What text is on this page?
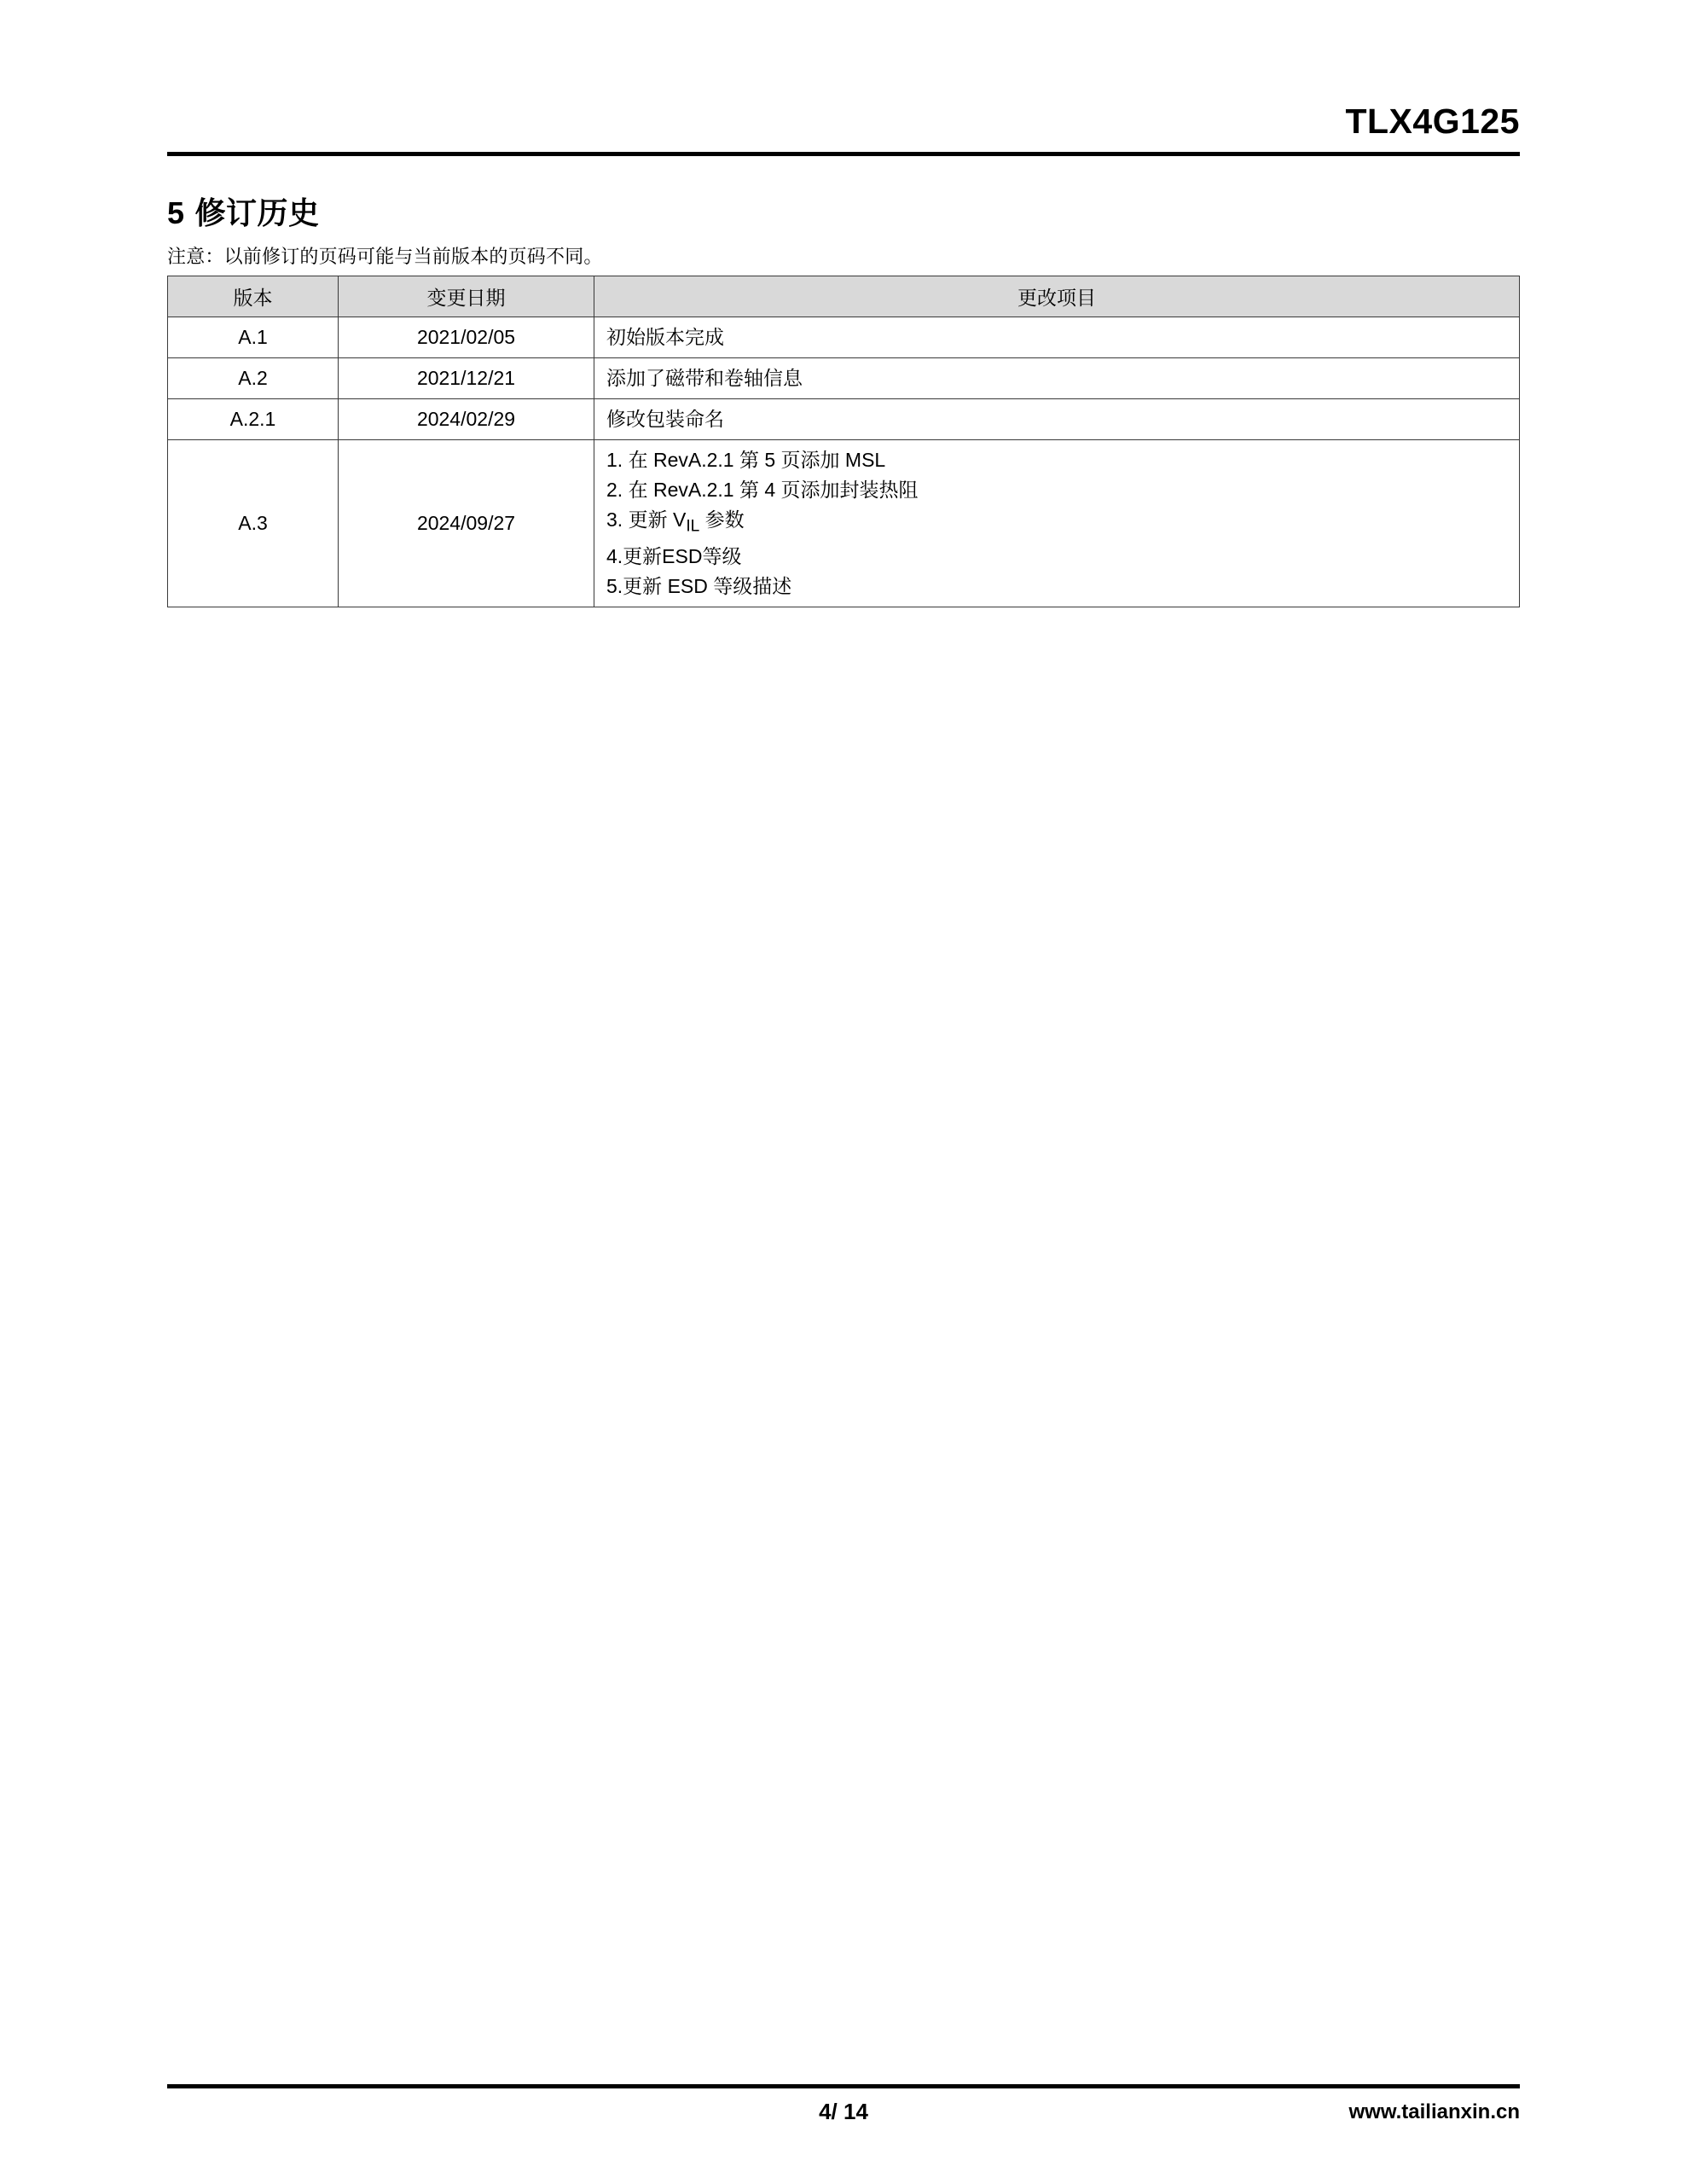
TLX4G125
5 修订历史
注意：以前修订的页码可能与当前版本的页码不同。
版本	变更日期	更改项目
A.1	2021/02/05	初始版本完成

A.2	2021/12/21	添加了磁带和卷轴信息

A.2.1	2024/02/29	修改包装命名

A.3	2024/09/27	1. 在 RevA.2.1 第 5 页添加 MSL
2. 在 RevA.2.1 第 4 页添加封装热阻
3. 更新 $V_{IL}$ 参数
4.更新ESD等级
5.更新 ESD 等级描述
4/ 14	www.tailianxin.cn
